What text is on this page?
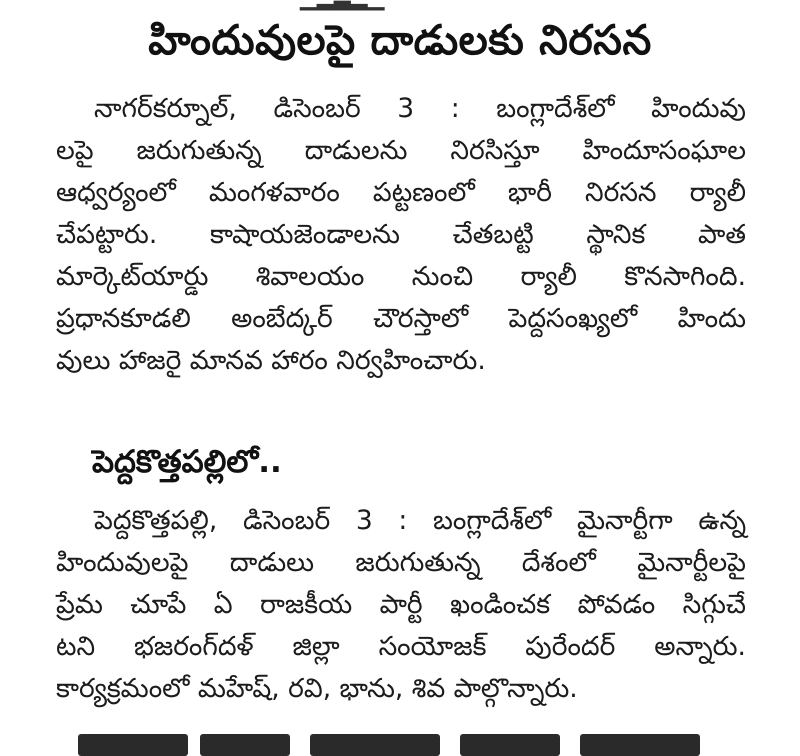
హిందువులపై దాడులకు నిరసన
నాగర్‌కర్నూల్, డిసెంబర్ 3 : బంగ్లాదేశ్‌లో హిందువు
లపై జరుగుతున్న దాడులను నిరసిస్తూ హిందూసంఘాల
ఆధ్వర్యంలో మంగళవారం పట్టణంలో భారీ నిరసన ర్యాలీ
చేపట్టారు. కాషాయజెండాలను చేతబట్టి స్థానిక పాత
మార్కెట్‌యార్డు శివాలయం నుంచి ర్యాలీ కొనసాగింది.
ప్రధానకూడలి అంబేద్కర్ చౌరస్తాలో పెద్దసంఖ్యలో హిందు
వులు హాజరై మానవ హారం నిర్వహించారు.
పెద్దకొత్తపల్లిలో..
పెద్దకొత్తపల్లి, డిసెంబర్ 3 : బంగ్లాదేశ్‌లో మైనార్టీగా ఉన్న
హిందువులపై దాడులు జరుగుతున్న దేశంలో మైనార్టీలపై
ప్రేమ చూపే ఏ రాజకీయ పార్టీ ఖండించక పోవడం సిగ్గుచే
టని భజరంగ్‌దళ్ జిల్లా సంయోజక్ పురేందర్ అన్నారు.
కార్యక్రమంలో మహేష్, రవి, భాను, శివ పాల్గొన్నారు.
